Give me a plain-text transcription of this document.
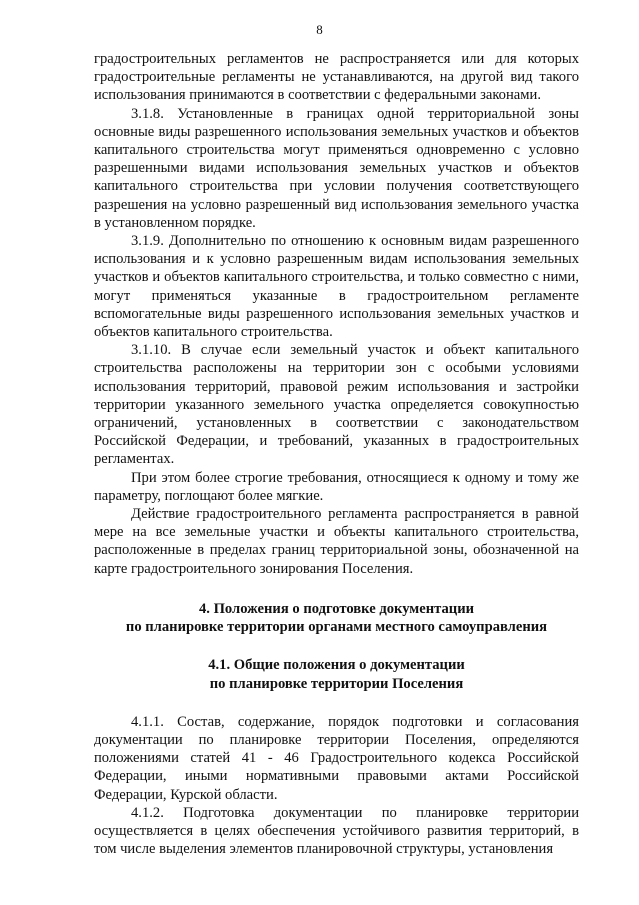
8

градостроительных регламентов не распространяется или для которых градостроительные регламенты не устанавливаются, на другой вид такого использования принимаются в соответствии с федеральными законами.

3.1.8. Установленные в границах одной территориальной зоны основные виды разрешенного использования земельных участков и объектов капитального строительства могут применяться одновременно с условно разрешенными видами использования земельных участков и объектов капитального строительства при условии получения соответствующего разрешения на условно разрешенный вид использования земельного участка в установленном порядке.

3.1.9. Дополнительно по отношению к основным видам разрешенного использования и к условно разрешенным видам использования земельных участков и объектов капитального строительства, и только совместно с ними, могут применяться указанные в градостроительном регламенте вспомогательные виды разрешенного использования земельных участков и объектов капитального строительства.

3.1.10. В случае если земельный участок и объект капитального строительства расположены на территории зон с особыми условиями использования территорий, правовой режим использования и застройки территории указанного земельного участка определяется совокупностью ограничений, установленных в соответствии с законодательством Российской Федерации, и требований, указанных в градостроительных регламентах.

При этом более строгие требования, относящиеся к одному и тому же параметру, поглощают более мягкие.

Действие градостроительного регламента распространяется в равной мере на все земельные участки и объекты капитального строительства, расположенные в пределах границ территориальной зоны, обозначенной на карте градостроительного зонирования Поселения.

4. Положения о подготовке документации
по планировке территории органами местного самоуправления
4.1. Общие положения о документации
по планировке территории Поселения

4.1.1. Состав, содержание, порядок подготовки и согласования документации по планировке территории Поселения, определяются положениями статей 41 - 46 Градостроительного кодекса Российской Федерации, иными нормативными правовыми актами Российской Федерации, Курской области.

4.1.2. Подготовка документации по планировке территории осуществляется в целях обеспечения устойчивого развития территорий, в том числе выделения элементов планировочной структуры, установления
